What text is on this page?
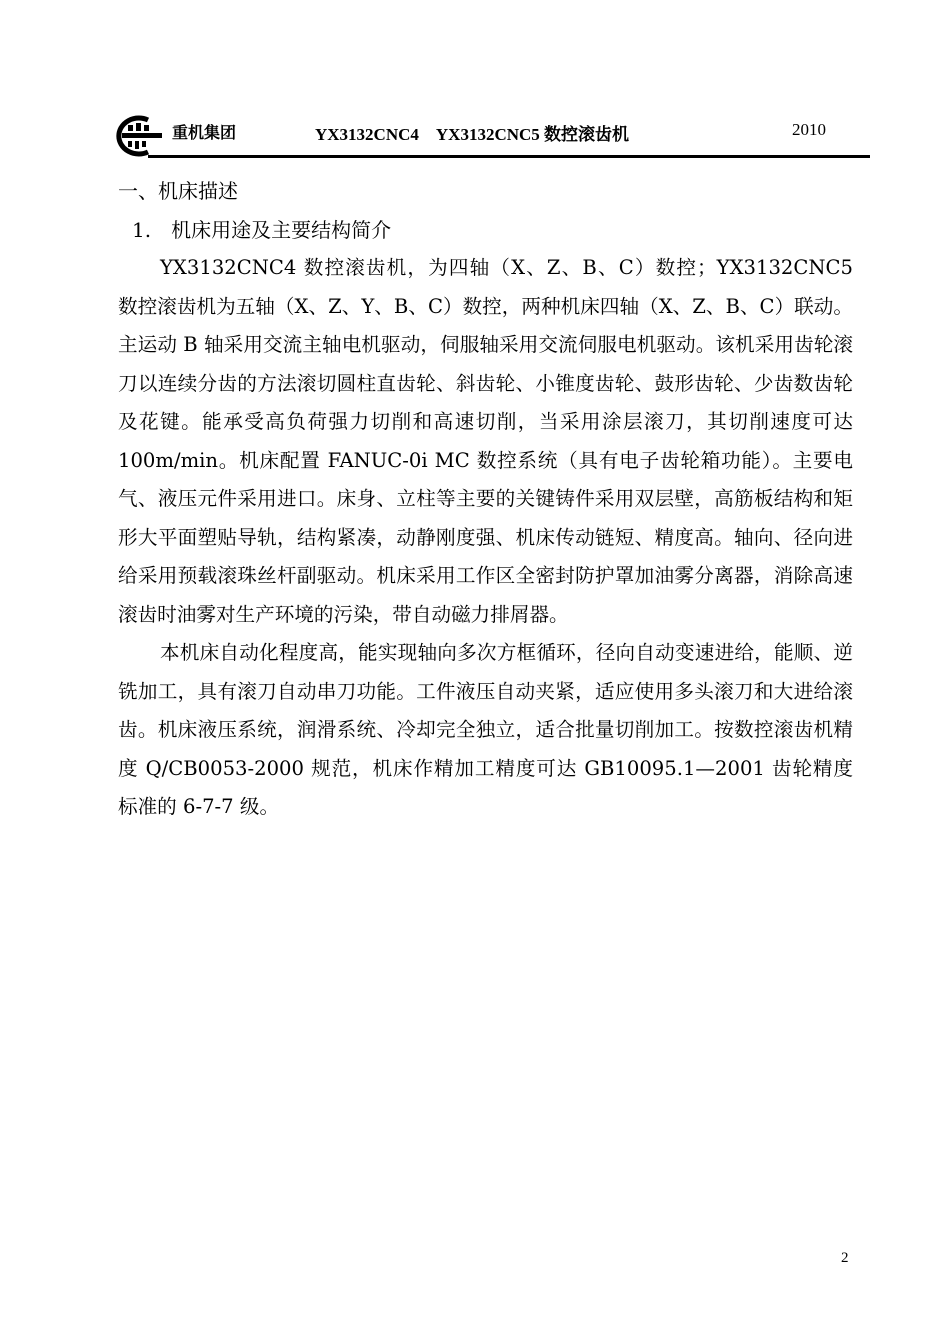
重机集团	YX3132CNC4　YX3132CNC5 数控滚齿机	2010

一、机床描述

1.　机床用途及主要结构简介

YX3132CNC4 数控滚齿机，为四轴（X、Z、B、C）数控；YX3132CNC5 数控滚齿机为五轴（X、Z、Y、B、C）数控，两种机床四轴（X、Z、B、C）联动。主运动 B 轴采用交流主轴电机驱动，伺服轴采用交流伺服电机驱动。该机采用齿轮滚刀以连续分齿的方法滚切圆柱直齿轮、斜齿轮、小锥度齿轮、鼓形齿轮、少齿数齿轮及花键。能承受高负荷强力切削和高速切削，当采用涂层滚刀，其切削速度可达 100m/min。机床配置 FANUC-0i MC 数控系统（具有电子齿轮箱功能）。主要电气、液压元件采用进口。床身、立柱等主要的关键铸件采用双层壁，高筋板结构和矩形大平面塑贴导轨，结构紧凑，动静刚度强、机床传动链短、精度高。轴向、径向进给采用预载滚珠丝杆副驱动。机床采用工作区全密封防护罩加油雾分离器，消除高速滚齿时油雾对生产环境的污染，带自动磁力排屑器。

本机床自动化程度高，能实现轴向多次方框循环，径向自动变速进给，能顺、逆铣加工，具有滚刀自动串刀功能。工件液压自动夹紧，适应使用多头滚刀和大进给滚齿。机床液压系统，润滑系统、冷却完全独立，适合批量切削加工。按数控滚齿机精度 Q/CB0053-2000 规范，机床作精加工精度可达 GB10095.1—2001 齿轮精度标准的 6-7-7 级。

2
